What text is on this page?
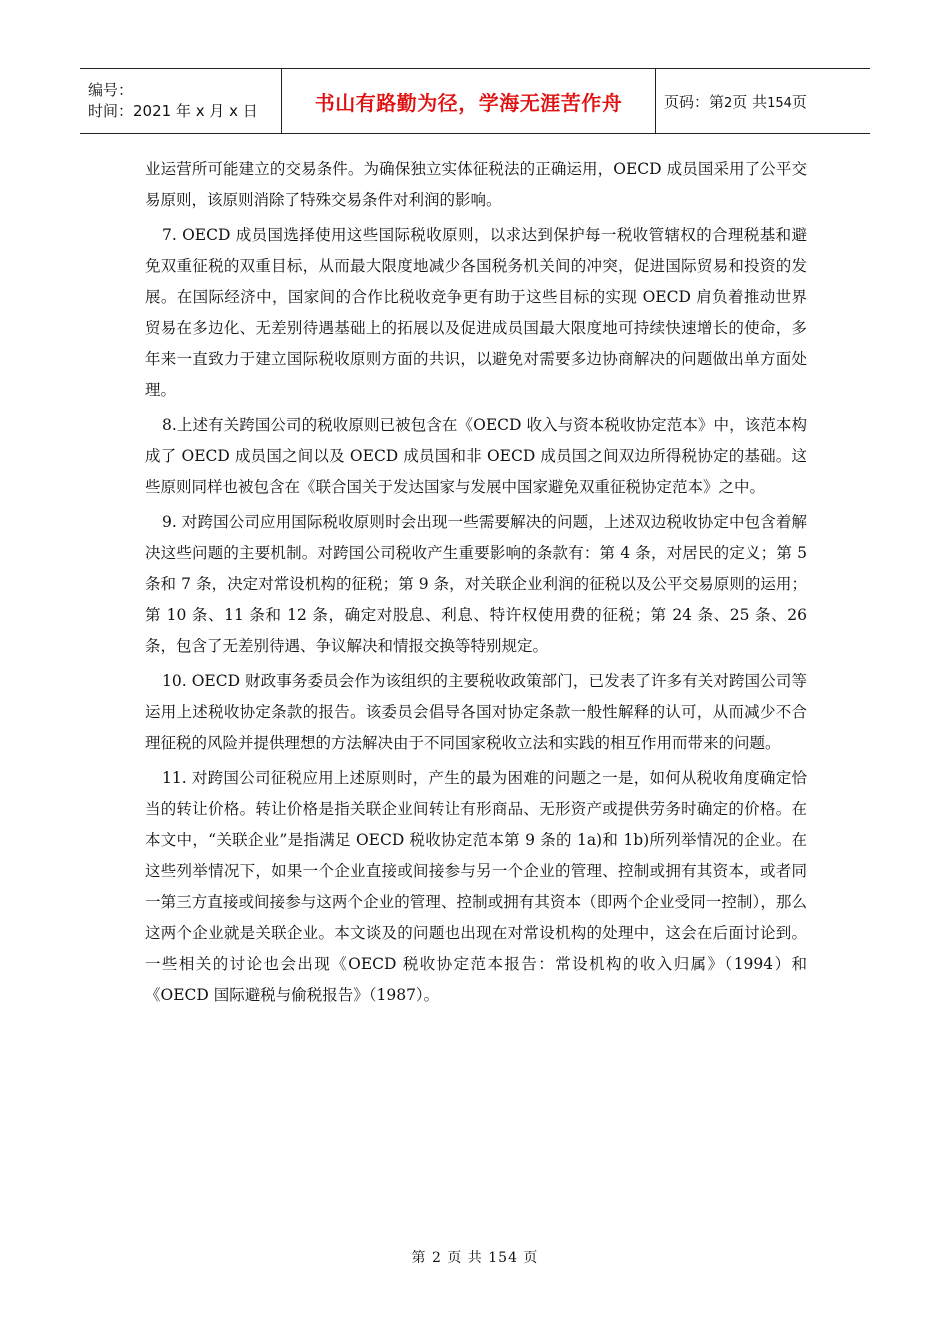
编号：
时间：2021 年 x 月 x 日	书山有路勤为径，学海无涯苦作舟	页码：第2页 共154页

业运营所可能建立的交易条件。为确保独立实体征税法的正确运用，OECD 成员国采用了公平交易原则，该原则消除了特殊交易条件对利润的影响。

7. OECD 成员国选择使用这些国际税收原则，以求达到保护每一税收管辖权的合理税基和避免双重征税的双重目标，从而最大限度地减少各国税务机关间的冲突，促进国际贸易和投资的发展。在国际经济中，国家间的合作比税收竞争更有助于这些目标的实现 OECD 肩负着推动世界贸易在多边化、无差别待遇基础上的拓展以及促进成员国最大限度地可持续快速增长的使命，多年来一直致力于建立国际税收原则方面的共识，以避免对需要多边协商解决的问题做出单方面处理。

8.上述有关跨国公司的税收原则已被包含在《OECD 收入与资本税收协定范本》中，该范本构成了 OECD 成员国之间以及 OECD 成员国和非 OECD 成员国之间双边所得税协定的基础。这些原则同样也被包含在《联合国关于发达国家与发展中国家避免双重征税协定范本》之中。

9. 对跨国公司应用国际税收原则时会出现一些需要解决的问题，上述双边税收协定中包含着解决这些问题的主要机制。对跨国公司税收产生重要影响的条款有：第 4 条，对居民的定义；第 5 条和 7 条，决定对常设机构的征税；第 9 条，对关联企业利润的征税以及公平交易原则的运用；第 10 条、11 条和 12 条，确定对股息、利息、特许权使用费的征税；第 24 条、25 条、26 条，包含了无差别待遇、争议解决和情报交换等特别规定。

10. OECD 财政事务委员会作为该组织的主要税收政策部门，已发表了许多有关对跨国公司等运用上述税收协定条款的报告。该委员会倡导各国对协定条款一般性解释的认可，从而减少不合理征税的风险并提供理想的方法解决由于不同国家税收立法和实践的相互作用而带来的问题。

11. 对跨国公司征税应用上述原则时，产生的最为困难的问题之一是，如何从税收角度确定恰当的转让价格。转让价格是指关联企业间转让有形商品、无形资产或提供劳务时确定的价格。在本文中，“关联企业”是指满足 OECD 税收协定范本第 9 条的 1a)和 1b)所列举情况的企业。在这些列举情况下，如果一个企业直接或间接参与另一个企业的管理、控制或拥有其资本，或者同一第三方直接或间接参与这两个企业的管理、控制或拥有其资本（即两个企业受同一控制），那么这两个企业就是关联企业。本文谈及的问题也出现在对常设机构的处理中，这会在后面讨论到。一些相关的讨论也会出现《OECD 税收协定范本报告：常设机构的收入归属》（1994）和《OECD 国际避税与偷税报告》（1987）。

第 2 页 共 154 页
